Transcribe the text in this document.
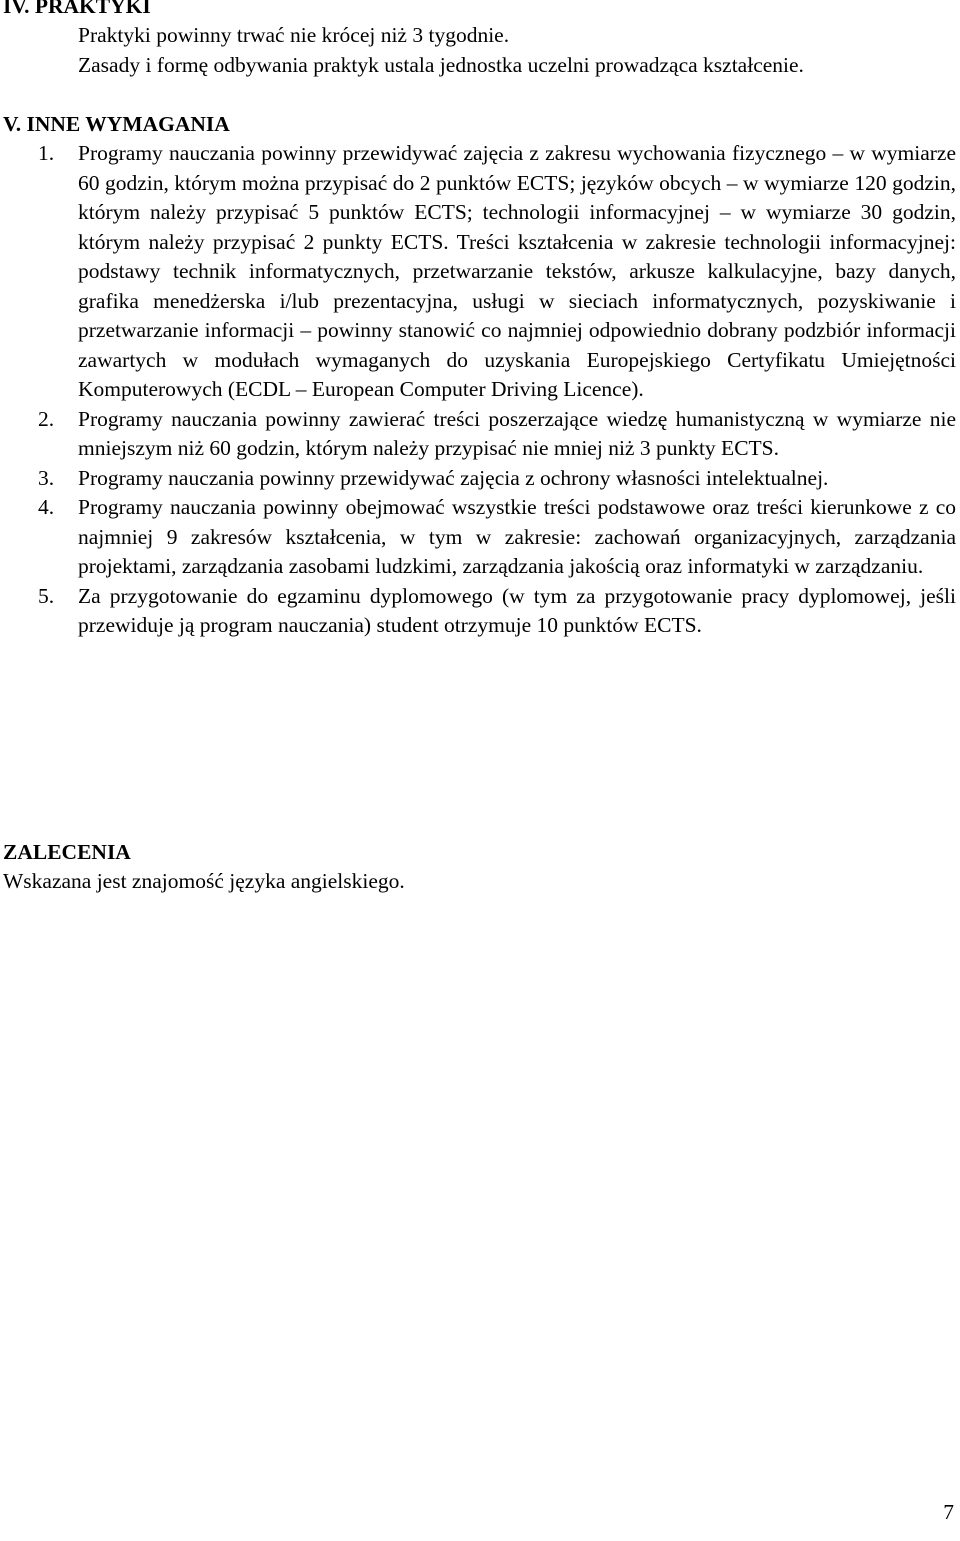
IV. PRAKTYKI

Praktyki powinny trwać nie krócej niż 3 tygodnie.

Zasady i formę odbywania praktyk ustala jednostka uczelni prowadząca kształcenie.

V. INNE WYMAGANIA
1. Programy nauczania powinny przewidywać zajęcia z zakresu wychowania fizycznego – w wymiarze 60 godzin, którym można przypisać do 2 punktów ECTS; języków obcych – w wymiarze 120 godzin, którym należy przypisać 5 punktów ECTS; technologii informacyjnej – w wymiarze 30 godzin, którym należy przypisać 2 punkty ECTS. Treści kształcenia w zakresie technologii informacyjnej: podstawy technik informatycznych, przetwarzanie tekstów, arkusze kalkulacyjne, bazy danych, grafika menedżerska i/lub prezentacyjna, usługi w sieciach informatycznych, pozyskiwanie i przetwarzanie informacji – powinny stanowić co najmniej odpowiednio dobrany podzbiór informacji zawartych w modułach wymaganych do uzyskania Europejskiego Certyfikatu Umiejętności Komputerowych (ECDL – European Computer Driving Licence).

2. Programy nauczania powinny zawierać treści poszerzające wiedzę humanistyczną w wymiarze nie mniejszym niż 60 godzin, którym należy przypisać nie mniej niż 3 punkty ECTS.

3. Programy nauczania powinny przewidywać zajęcia z ochrony własności intelektualnej.

4. Programy nauczania powinny obejmować wszystkie treści podstawowe oraz treści kierunkowe z co najmniej 9 zakresów kształcenia, w tym w zakresie: zachowań organizacyjnych, zarządzania projektami, zarządzania zasobami ludzkimi, zarządzania jakością oraz informatyki w zarządzaniu.

5. Za przygotowanie do egzaminu dyplomowego (w tym za przygotowanie pracy dyplomowej, jeśli przewiduje ją program nauczania) student otrzymuje 10 punktów ECTS.

ZALECENIA

Wskazana jest znajomość języka angielskiego.

7
